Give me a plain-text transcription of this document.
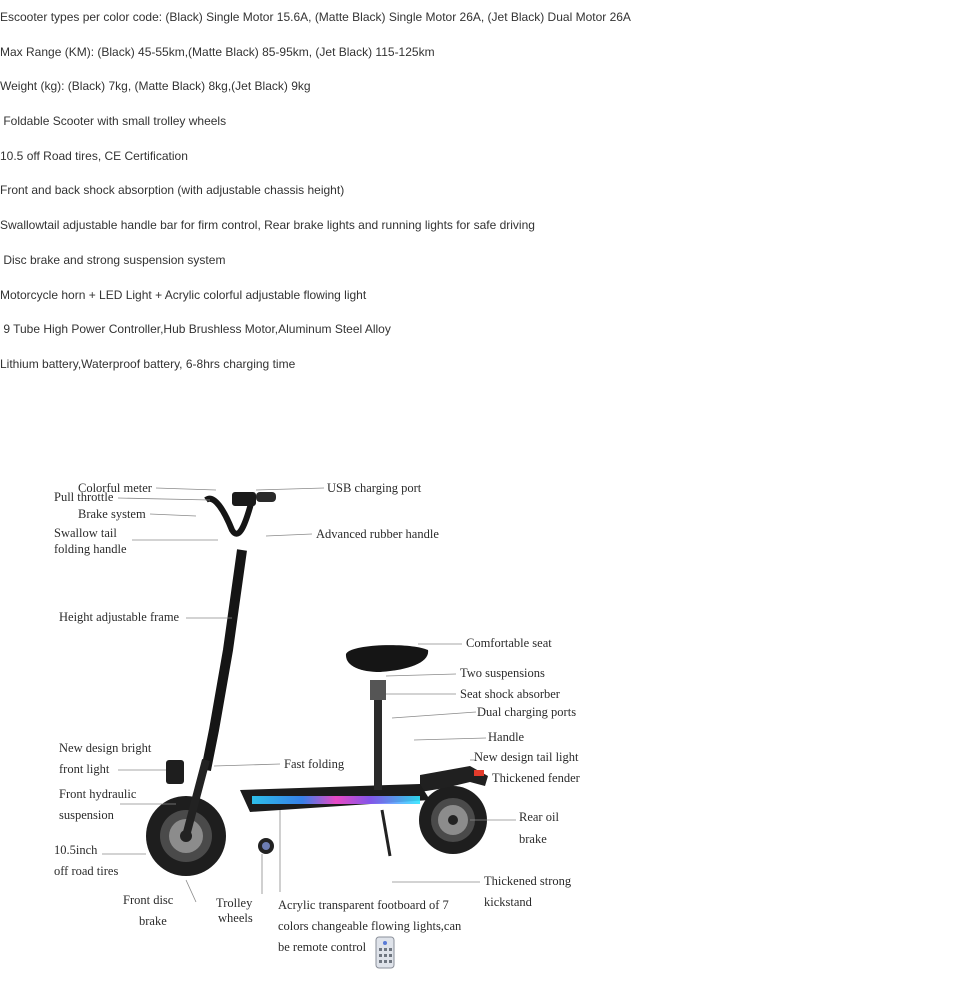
Escooter types per color code: (Black) Single Motor 15.6A, (Matte Black) Single Motor 26A, (Jet Black) Dual Motor 26A
Max Range (KM): (Black) 45-55km,(Matte Black) 85-95km, (Jet Black) 115-125km
Weight (kg): (Black) 7kg, (Matte Black) 8kg,(Jet Black) 9kg
Foldable Scooter with small trolley wheels
10.5 off Road tires, CE Certification
Front and back shock absorption (with adjustable chassis height)
Swallowtail adjustable handle bar for firm control, Rear brake lights and running lights for safe driving
Disc brake and strong suspension system
Motorcycle horn + LED Light + Acrylic colorful adjustable flowing light
9 Tube High Power Controller,Hub Brushless Motor,Aluminum Steel Alloy
Lithium battery,Waterproof battery, 6-8hrs charging time
Colorful meter
Pull throttle
Brake system
Swallow tail
folding handle
Height adjustable frame
USB charging port
Advanced rubber handle
Comfortable seat
Two suspensions
Seat shock absorber
Dual charging ports
Handle
New design tail light
Thickened fender
New design bright
front light	Fast folding
Front hydraulic
suspension	Rear oil
brake
10.5inch
off road tires
Thickened strong
kickstand
Front disc
brake
Trolley
wheels
Acrylic transparent footboard of 7
colors changeable flowing lights,can
be remote control
